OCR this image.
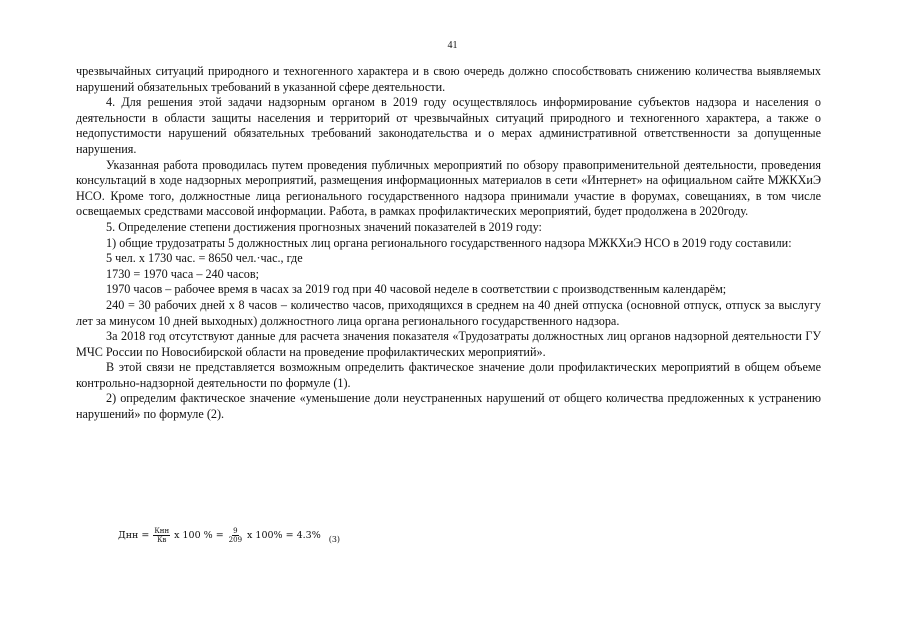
41

чрезвычайных ситуаций природного и техногенного характера и в свою очередь должно способствовать снижению количества выявляемых нарушений обязательных требований в указанной сфере деятельности.

4. Для решения этой задачи надзорным органом в 2019 году осуществлялось информирование субъектов надзора и населения о деятельности в области защиты населения и территорий от чрезвычайных ситуаций природного и техногенного характера, а также о недопустимости нарушений обязательных требований законодательства и о мерах административной ответственности за допущенные нарушения.

Указанная работа проводилась путем проведения публичных мероприятий по обзору правоприменительной деятельности, проведения консультаций в ходе надзорных мероприятий, размещения информационных материалов в сети «Интернет» на официальном сайте МЖКХиЭ НСО. Кроме того, должностные лица регионального государственного надзора принимали участие в форумах, совещаниях, в том числе освещаемых средствами массовой информации. Работа, в рамках профилактических мероприятий, будет продолжена в 2020году.

5. Определение степени достижения прогнозных значений показателей в 2019 году:

1) общие трудозатраты 5 должностных лиц органа регионального государственного надзора МЖКХиЭ НСО в 2019 году составили:

5 чел. х 1730 час. = 8650 чел.·час., где

1730 = 1970 часа – 240 часов;

1970 часов – рабочее время в часах за 2019 год при 40 часовой неделе в соответствии с производственным календарём;

240 = 30 рабочих дней х 8 часов – количество часов, приходящихся в среднем на 40 дней отпуска (основной отпуск, отпуск за выслугу лет за минусом 10 дней выходных) должностного лица органа регионального государственного надзора.

За 2018 год отсутствуют данные для расчета значения показателя «Трудозатраты должностных лиц органов надзорной деятельности ГУ МЧС России по Новосибирской области на проведение профилактических мероприятий».

В этой связи не представляется возможным определить фактическое значение доли профилактических мероприятий в общем объеме контрольно-надзорной деятельности по формуле (1).

2) определим фактическое значение «уменьшение доли неустраненных нарушений от общего количества предложенных к устранению нарушений» по формуле (2).

Днн = $\frac{\text{Кнн}}{Кв}$ x 100 % = $\frac{9}{209}$ x 100% = 4.3% (3)
